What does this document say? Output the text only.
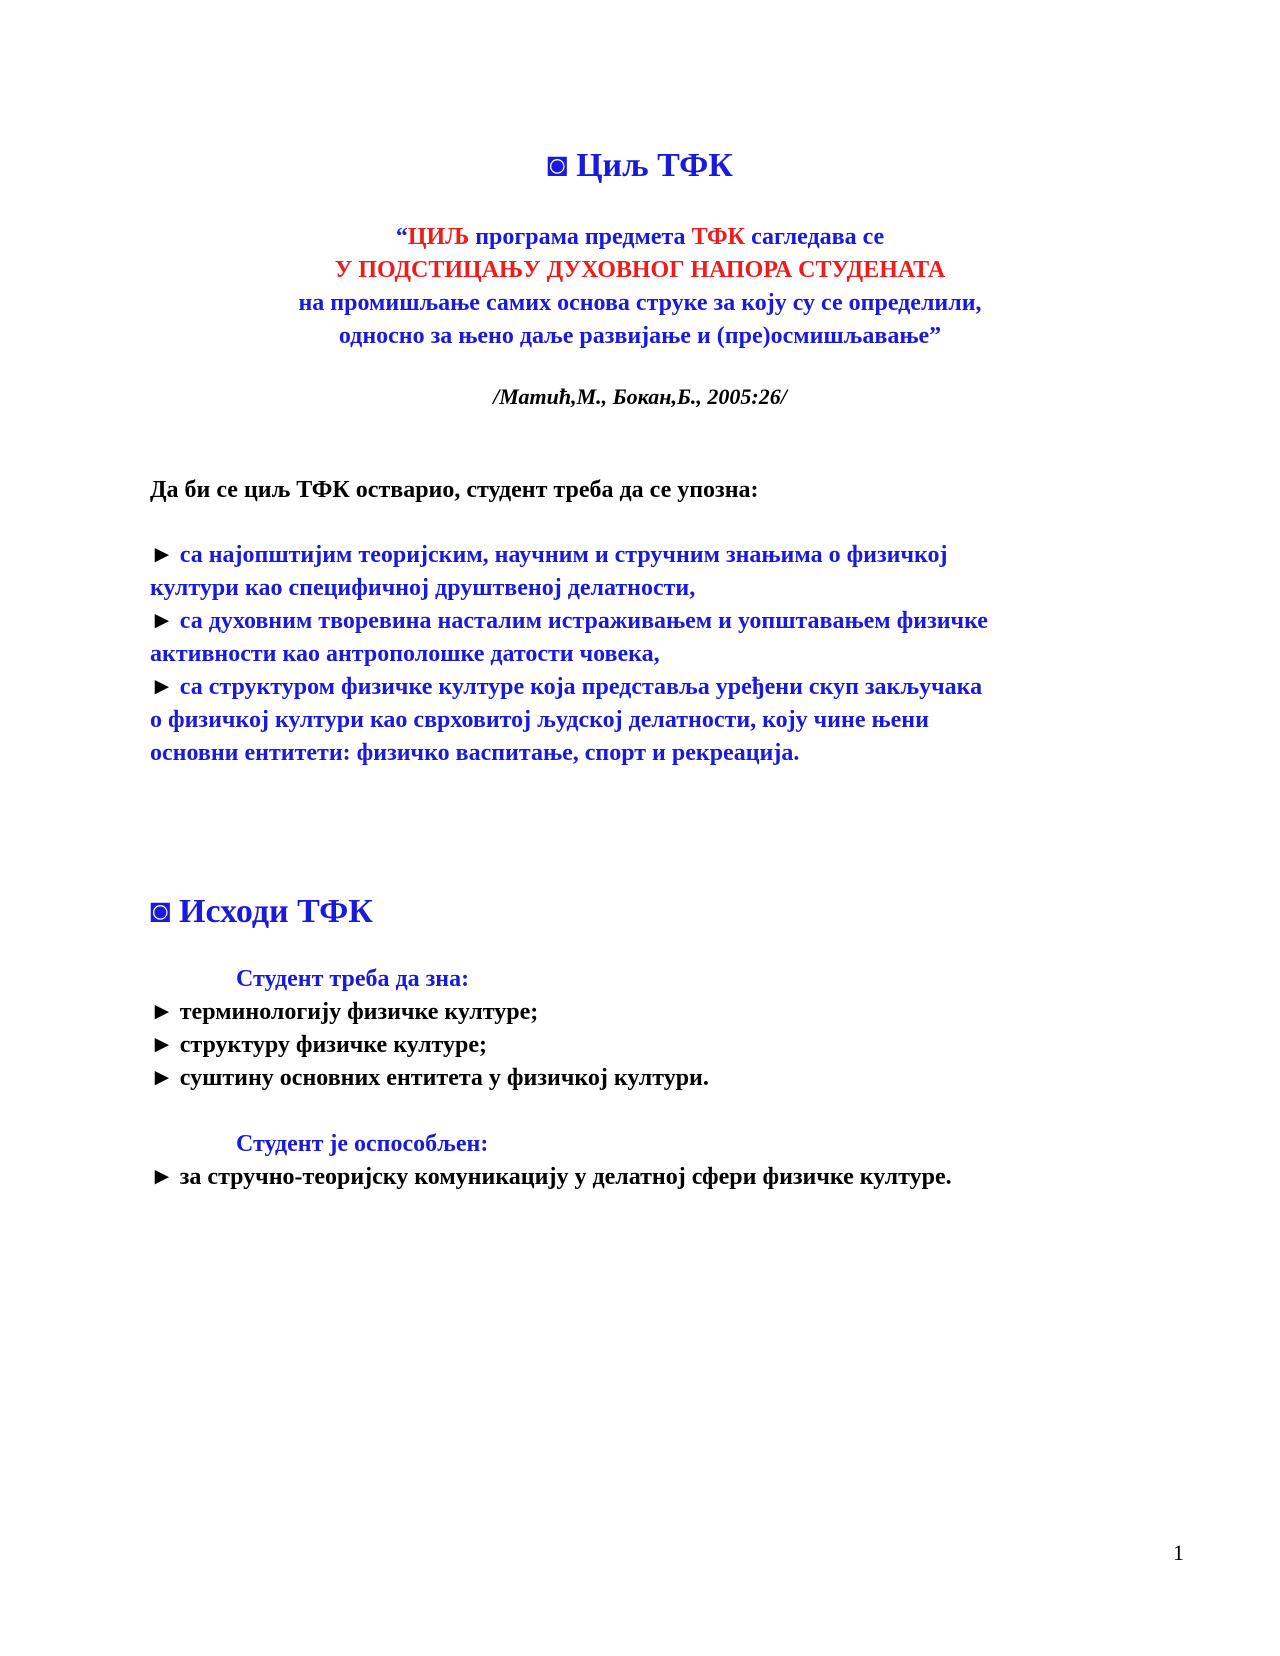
◙ Циљ ТФК
“ЦИЉ програма предмета ТФК сагледава се
У ПОДСТИЦАЊУ ДУХОВНОГ НАПОРА СТУДЕНАТА
на промишљање самих основа струке за коју су се определили,
односно за њено даље развијање и (пре)осмишљавање”
/Матић,М., Бокан,Б., 2005:26/
Да би се циљ ТФК остварио, студент треба да се упозна:
► са најопштијим теоријским, научним и стручним знањима о физичкој
култури као специфичној друштвеној делатности,
► са духовним творевина насталим истраживањем и уопштавањем физичке
активности као антрополошке датости човека,
► са структуром физичке културе која представља уређени скуп закључака
о физичкој култури као сврховитој људској делатности, коју чине њени
основни ентитети: физичко васпитање, спорт и рекреација.
◙ Исходи ТФК
Студент треба да зна:
► терминологију физичке културе;
► структуру физичке културе;
► суштину основних ентитета у физичкој култури.
Студент је оспособљен:
► за стручно-теоријску комуникацију у делатној сфери физичке културе.
1
